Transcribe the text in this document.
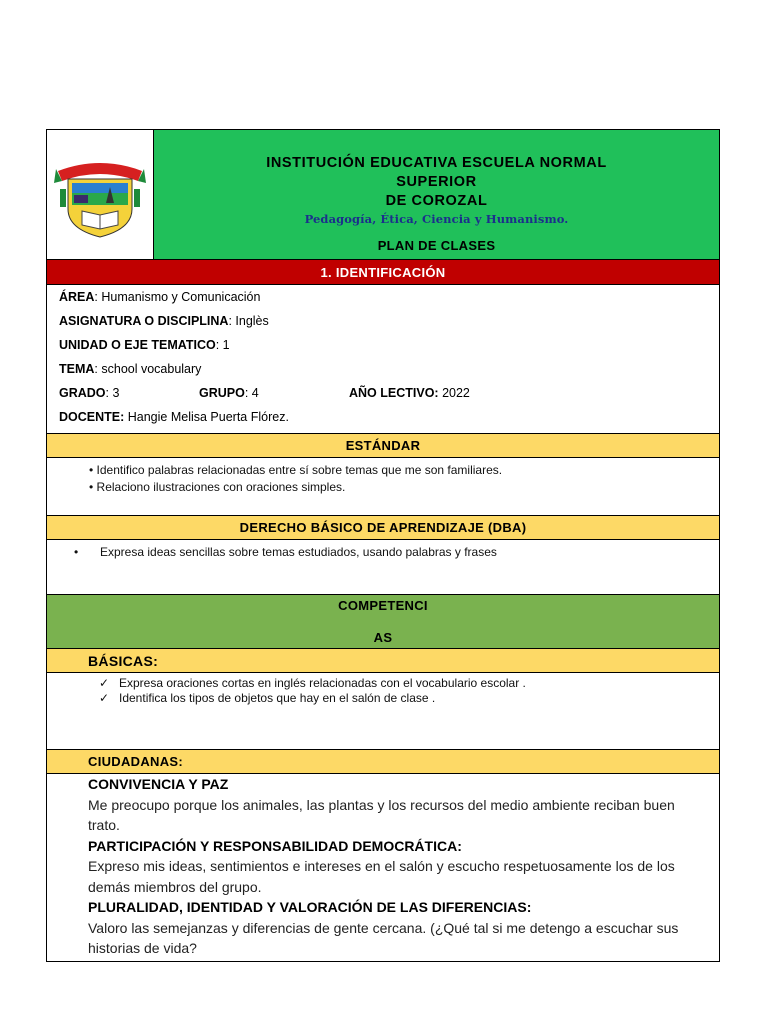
INSTITUCIÓN EDUCATIVA ESCUELA NORMAL SUPERIOR
DE COROZAL
Pedagogía, Ética, Ciencia y Humanismo.
PLAN DE CLASES
1. IDENTIFICACIÓN
ÁREA: Humanismo y Comunicación
ASIGNATURA O DISCIPLINA: Inglès
UNIDAD O EJE TEMATICO: 1
TEMA: school vocabulary
GRADO: 3	GRUPO: 4	AÑO LECTIVO: 2022
DOCENTE: Hangie Melisa Puerta Flórez.
ESTÁNDAR
• Identifico palabras relacionadas entre sí sobre temas que me son familiares.
• Relaciono ilustraciones con oraciones simples.
DERECHO BÁSICO DE APRENDIZAJE (DBA)
• Expresa ideas sencillas sobre temas estudiados, usando palabras y frases
COMPETENCI
AS
BÁSICAS:
✓ Expresa oraciones cortas en inglés relacionadas con el vocabulario escolar .
✓ Identifica los tipos de objetos que hay en el salón de clase .
CIUDADANAS:
CONVIVENCIA Y PAZ
Me preocupo porque los animales, las plantas y los recursos del medio ambiente reciban buen trato.
PARTICIPACIÓN Y RESPONSABILIDAD DEMOCRÁTICA:
Expreso mis ideas, sentimientos e intereses en el salón y escucho respetuosamente los de los demás miembros del grupo.
PLURALIDAD, IDENTIDAD Y VALORACIÓN DE LAS DIFERENCIAS:
Valoro las semejanzas y diferencias de gente cercana. (¿Qué tal si me detengo a escuchar sus historias de vida?
